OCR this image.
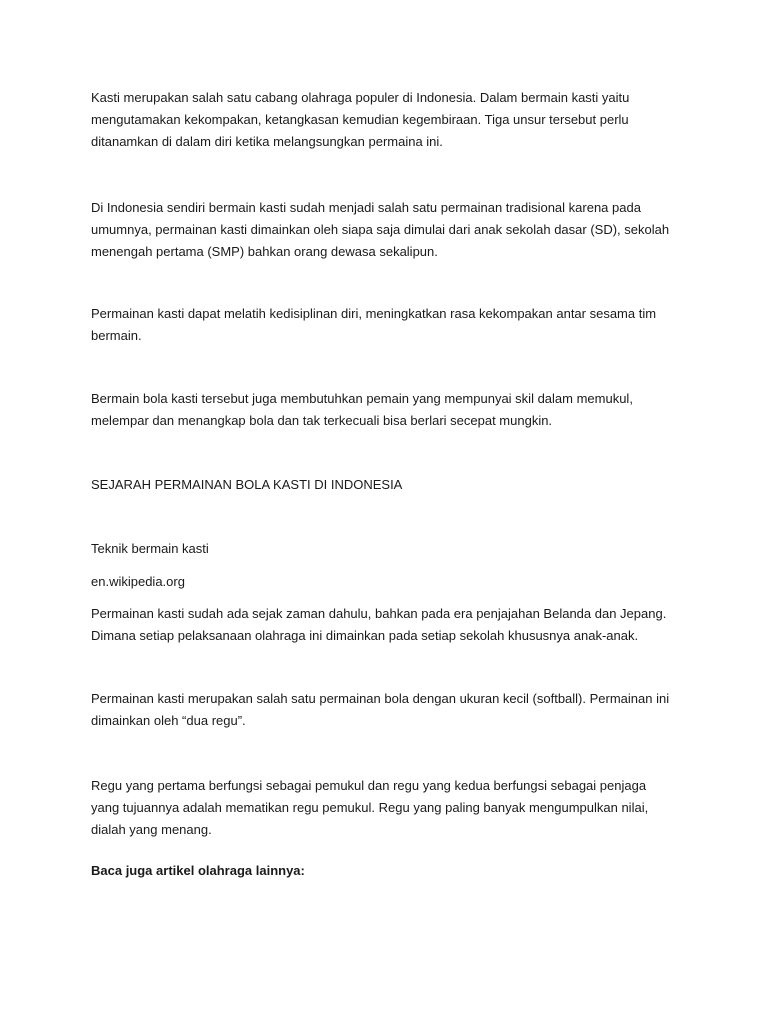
Kasti merupakan salah satu cabang olahraga populer di Indonesia. Dalam bermain kasti yaitu mengutamakan kekompakan, ketangkasan kemudian kegembiraan. Tiga unsur tersebut perlu ditanamkan di dalam diri ketika melangsungkan permaina ini.

Di Indonesia sendiri bermain kasti sudah menjadi salah satu permainan tradisional karena pada umumnya, permainan kasti dimainkan oleh siapa saja dimulai dari anak sekolah dasar (SD), sekolah menengah pertama (SMP) bahkan orang dewasa sekalipun.

Permainan kasti dapat melatih kedisiplinan diri, meningkatkan rasa kekompakan antar sesama tim bermain.

Bermain bola kasti tersebut juga membutuhkan pemain yang mempunyai skil dalam memukul, melempar dan menangkap bola dan tak terkecuali bisa berlari secepat mungkin.

SEJARAH PERMAINAN BOLA KASTI DI INDONESIA

Teknik bermain kasti

en.wikipedia.org

Permainan kasti sudah ada sejak zaman dahulu, bahkan pada era penjajahan Belanda dan Jepang. Dimana setiap pelaksanaan olahraga ini dimainkan pada setiap sekolah khususnya anak-anak.

Permainan kasti merupakan salah satu permainan bola dengan ukuran kecil (softball). Permainan ini dimainkan oleh “dua regu”.

Regu yang pertama berfungsi sebagai pemukul dan regu yang kedua berfungsi sebagai penjaga yang tujuannya adalah mematikan regu pemukul. Regu yang paling banyak mengumpulkan nilai, dialah yang menang.

Baca juga artikel olahraga lainnya:
